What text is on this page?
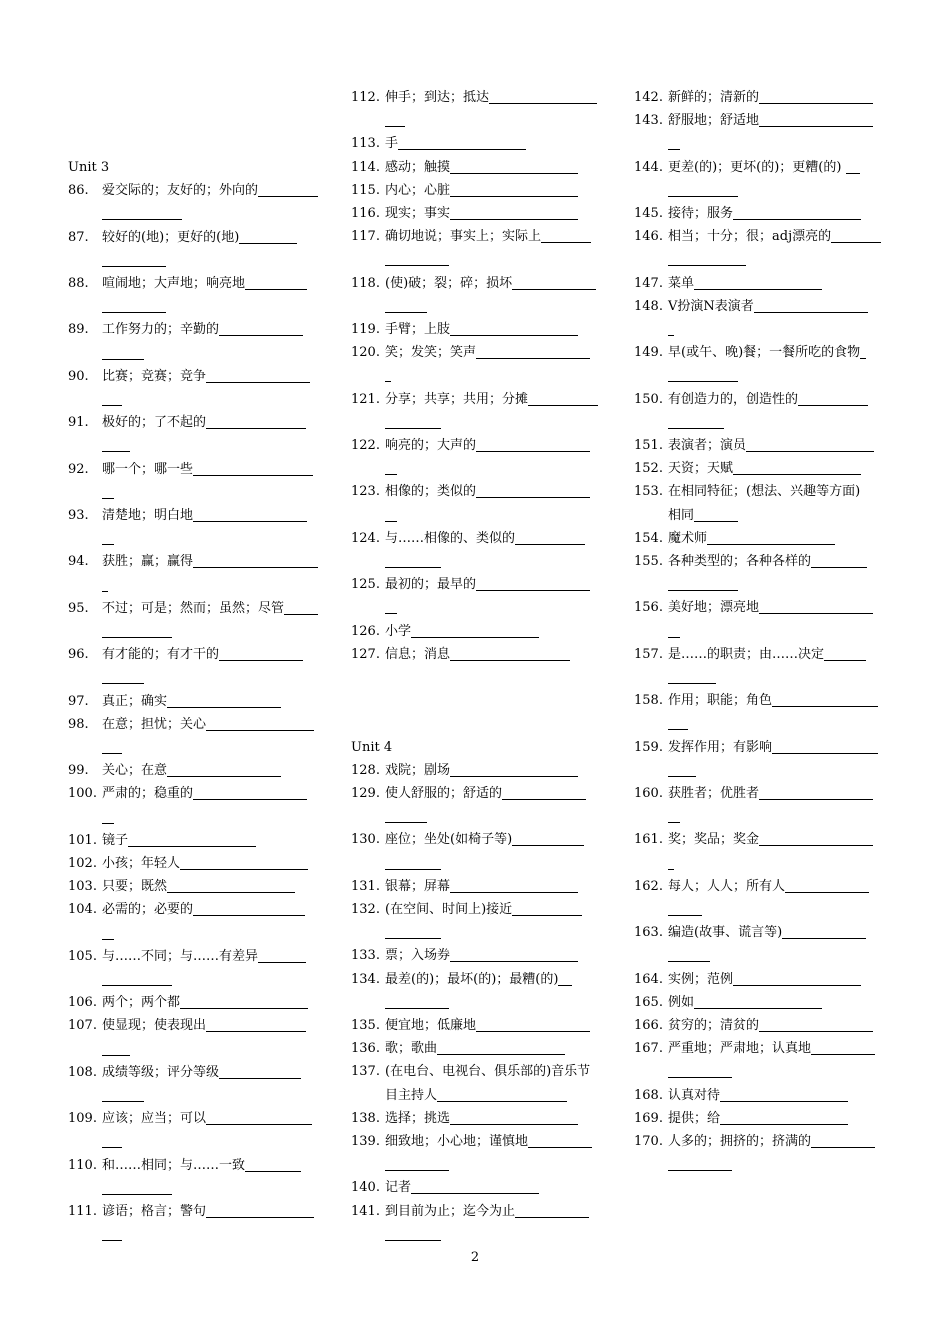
Unit 3
86. 爱交际的；友好的；外向的
87. 较好的(地)；更好的(地)
88. 喧闹地；大声地；响亮地
89. 工作努力的；辛勤的
90. 比赛；竞赛；竞争
91. 极好的；了不起的
92. 哪一个；哪一些
93. 清楚地；明白地
94. 获胜；赢；赢得
95. 不过；可是；然而；虽然；尽管
96. 有才能的；有才干的
97. 真正；确实
98. 在意；担忧；关心
99. 关心；在意
100. 严肃的；稳重的
101. 镜子
102. 小孩；年轻人
103. 只要；既然
104. 必需的；必要的
105. 与……不同；与……有差异
106. 两个；两个都
107. 使显现；使表现出
108. 成绩等级；评分等级
109. 应该；应当；可以
110. 和……相同；与……一致
111. 谚语；格言；警句
112. 伸手；到达；抵达
113. 手
114. 感动；触摸
115. 内心；心脏
116. 现实；事实
117. 确切地说；事实上；实际上
118. (使)破；裂；碎；损坏
119. 手臂；上肢
120. 笑；发笑；笑声
121. 分享；共享；共用；分摊
122. 响亮的；大声的
123. 相像的；类似的
124. 与……相像的、类似的
125. 最初的；最早的
126. 小学
127. 信息；消息
Unit 4
128. 戏院；剧场
129. 使人舒服的；舒适的
130. 座位；坐处(如椅子等)
131. 银幕；屏幕
132. (在空间、时间上)接近
133. 票；入场券
134. 最差(的)；最坏(的)；最糟(的)
135. 便宜地；低廉地
136. 歌；歌曲
137. (在电台、电视台、俱乐部的)音乐节
目主持人
138. 选择；挑选
139. 细致地；小心地；谨慎地
140. 记者
141. 到目前为止；迄今为止
142. 新鲜的；清新的
143. 舒服地；舒适地
144. 更差(的)；更坏(的)；更糟(的)
145. 接待；服务
146. 相当；十分；很；adj漂亮的
147. 菜单
148. V扮演N表演者
149. 早(或午、晚)餐；一餐所吃的食物
150. 有创造力的，创造性的
151. 表演者；演员
152. 天资；天赋
153. 在相同特征；(想法、兴趣等方面)
相同
154. 魔术师
155. 各种类型的；各种各样的
156. 美好地；漂亮地
157. 是……的职责；由……决定
158. 作用；职能；角色
159. 发挥作用；有影响
160. 获胜者；优胜者
161. 奖；奖品；奖金
162. 每人；人人；所有人
163. 编造(故事、谎言等)
164. 实例；范例
165. 例如
166. 贫穷的；清贫的
167. 严重地；严肃地；认真地
168. 认真对待
169. 提供；给
170. 人多的；拥挤的；挤满的
2
